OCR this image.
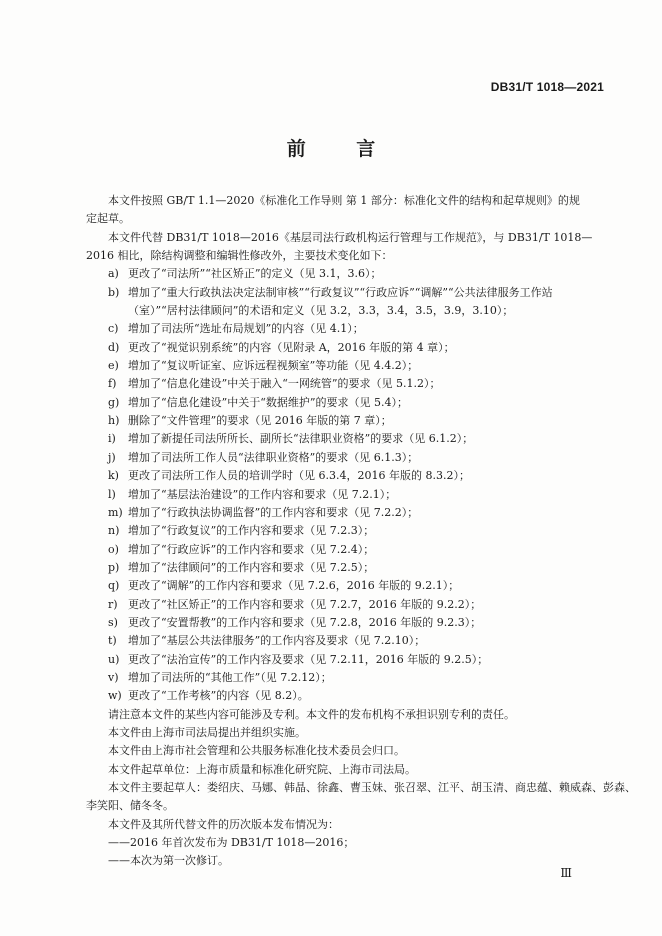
DB31/T 1018—2021
前 言

本文件按照 GB/T 1.1—2020《标准化工作导则 第 1 部分：标准化文件的结构和起草规则》的规

定起草。

本文件代替 DB31/T 1018—2016《基层司法行政机构运行管理与工作规范》，与 DB31/T 1018—

2016 相比，除结构调整和编辑性修改外，主要技术变化如下：

a) 更改了“司法所”“社区矫正”的定义（见 3.1，3.6）；
b) 增加了“重大行政执法决定法制审核”“行政复议”“行政应诉”“调解”“公共法律服务工作站

（室）”“居村法律顾问”的术语和定义（见 3.2，3.3，3.4，3.5，3.9，3.10）；

c) 增加了司法所“选址布局规划”的内容（见 4.1）；
d) 更改了“视觉识别系统”的内容（见附录 A，2016 年版的第 4 章）；
e) 增加了“复议听证室、应诉远程视频室”等功能（见 4.4.2）；
f)	增加了“信息化建设”中关于融入“一网统管”的要求（见 5.1.2）；
g) 增加了“信息化建设”中关于“数据维护”的要求（见 5.4）；
h) 删除了“文件管理”的要求（见 2016 年版的第 7 章）；
i)	增加了新提任司法所所长、副所长“法律职业资格”的要求（见 6.1.2）；
j)	增加了司法所工作人员“法律职业资格”的要求（见 6.1.3）；
k) 更改了司法所工作人员的培训学时（见 6.3.4，2016 年版的 8.3.2）；
l)	增加了“基层法治建设”的工作内容和要求（见 7.2.1）；
m) 增加了“行政执法协调监督”的工作内容和要求（见 7.2.2）；
n) 增加了“行政复议”的工作内容和要求（见 7.2.3）；
o) 增加了“行政应诉”的工作内容和要求（见 7.2.4）；
p) 增加了“法律顾问”的工作内容和要求（见 7.2.5）；
q) 更改了“调解”的工作内容和要求（见 7.2.6，2016 年版的 9.2.1）；
r) 更改了“社区矫正”的工作内容和要求（见 7.2.7，2016 年版的 9.2.2）；
s) 更改了“安置帮教”的工作内容和要求（见 7.2.8，2016 年版的 9.2.3）；
t)	增加了“基层公共法律服务”的工作内容及要求（见 7.2.10）；
u) 更改了“法治宣传”的工作内容及要求（见 7.2.11，2016 年版的 9.2.5）；
v) 增加了司法所的“其他工作”（见 7.2.12）；
w) 更改了“工作考核”的内容（见 8.2）。

请注意本文件的某些内容可能涉及专利。本文件的发布机构不承担识别专利的责任。

本文件由上海市司法局提出并组织实施。

本文件由上海市社会管理和公共服务标准化技术委员会归口。

本文件起草单位：上海市质量和标准化研究院、上海市司法局。

本文件主要起草人：娄绍庆、马娜、韩晶、徐鑫、曹玉妹、张召翠、江平、胡玉清、商忠蕴、赖威森、彭森、

李笑阳、储冬冬。

本文件及其所代替文件的历次版本发布情况为：

——2016 年首次发布为 DB31/T 1018—2016；

——本次为第一次修订。

Ⅲ
